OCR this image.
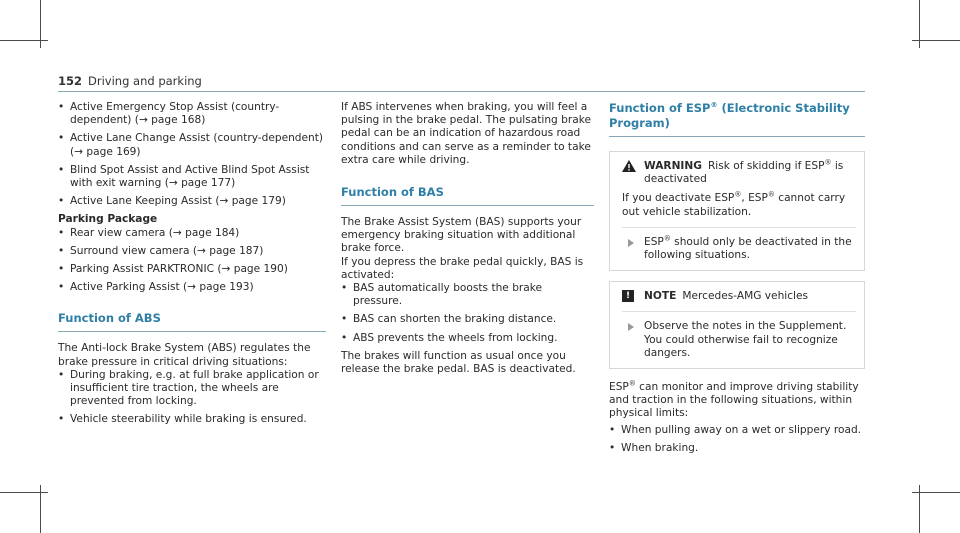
152 Driving and parking
• Active Emergency Stop Assist (country-dependent) (→ page 168)
• Active Lane Change Assist (country-dependent) (→ page 169)
• Blind Spot Assist and Active Blind Spot Assist with exit warning (→ page 177)
• Active Lane Keeping Assist (→ page 179)

Parking Package

• Rear view camera (→ page 184)
• Surround view camera (→ page 187)
• Parking Assist PARKTRONIC (→ page 190)
• Active Parking Assist (→ page 193)
Function of ABS

The Anti-lock Brake System (ABS) regulates the brake pressure in critical driving situations:

• During braking, e.g. at full brake application or insufficient tire traction, the wheels are prevented from locking.
• Vehicle steerability while braking is ensured.

If ABS intervenes when braking, you will feel a pulsing in the brake pedal. The pulsating brake pedal can be an indication of hazardous road conditions and can serve as a reminder to take extra care while driving.

Function of BAS

The Brake Assist System (BAS) supports your emergency braking situation with additional brake force.

If you depress the brake pedal quickly, BAS is activated:

• BAS automatically boosts the brake pressure.
• BAS can shorten the braking distance.
• ABS prevents the wheels from locking.

The brakes will function as usual once you release the brake pedal. BAS is deactivated.

Function of ESP® (Electronic Stability Program)
WARNING Risk of skidding if ESP® is deactivated

If you deactivate ESP®, ESP® cannot carry out vehicle stabilization.

ESP® should only be deactivated in the following situations.
!	NOTE Mercedes-AMG vehicles
Observe the notes in the Supplement. You could otherwise fail to recognize dangers.

ESP® can monitor and improve driving stability and traction in the following situations, within physical limits:

• When pulling away on a wet or slippery road.
• When braking.
